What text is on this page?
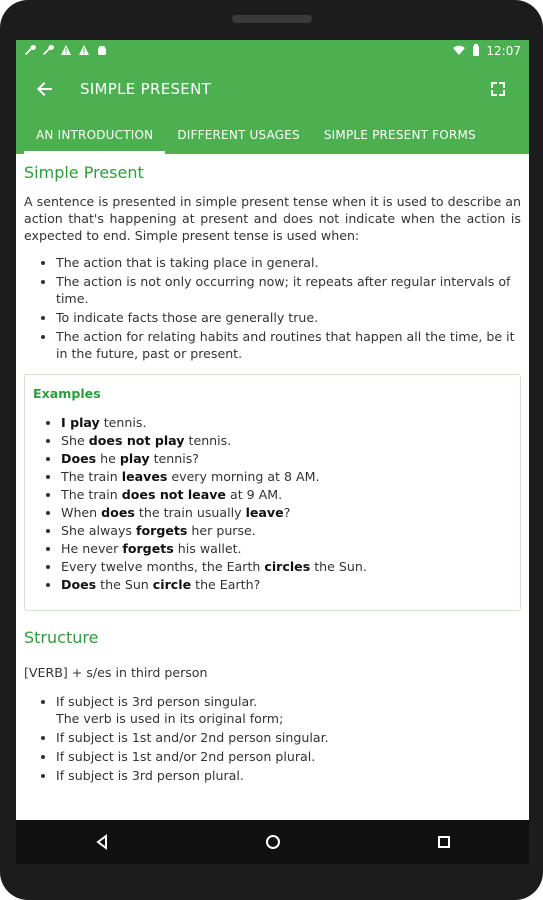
12:07
SIMPLE PRESENT
AN INTRODUCTION	DIFFERENT USAGES	SIMPLE PRESENT FORMS
Simple Present

A sentence is presented in simple present tense when it is used to describe an action that's happening at present and does not indicate when the action is expected to end. Simple present tense is used when:

• The action that is taking place in general.
• The action is not only occurring now; it repeats after regular intervals of time.
• To indicate facts those are generally true.
• The action for relating habits and routines that happen all the time, be it in the future, past or present.
Examples
• I play tennis.
• She does not play tennis.
• Does he play tennis?
• The train leaves every morning at 8 AM.
• The train does not leave at 9 AM.
• When does the train usually leave?
• She always forgets her purse.
• He never forgets his wallet.
• Every twelve months, the Earth circles the Sun.
• Does the Sun circle the Earth?
Structure
[VERB] + s/es in third person
• If subject is 3rd person singular.
The verb is used in its original form;
• If subject is 1st and/or 2nd person singular.
• If subject is 1st and/or 2nd person plural.
• If subject is 3rd person plural.
